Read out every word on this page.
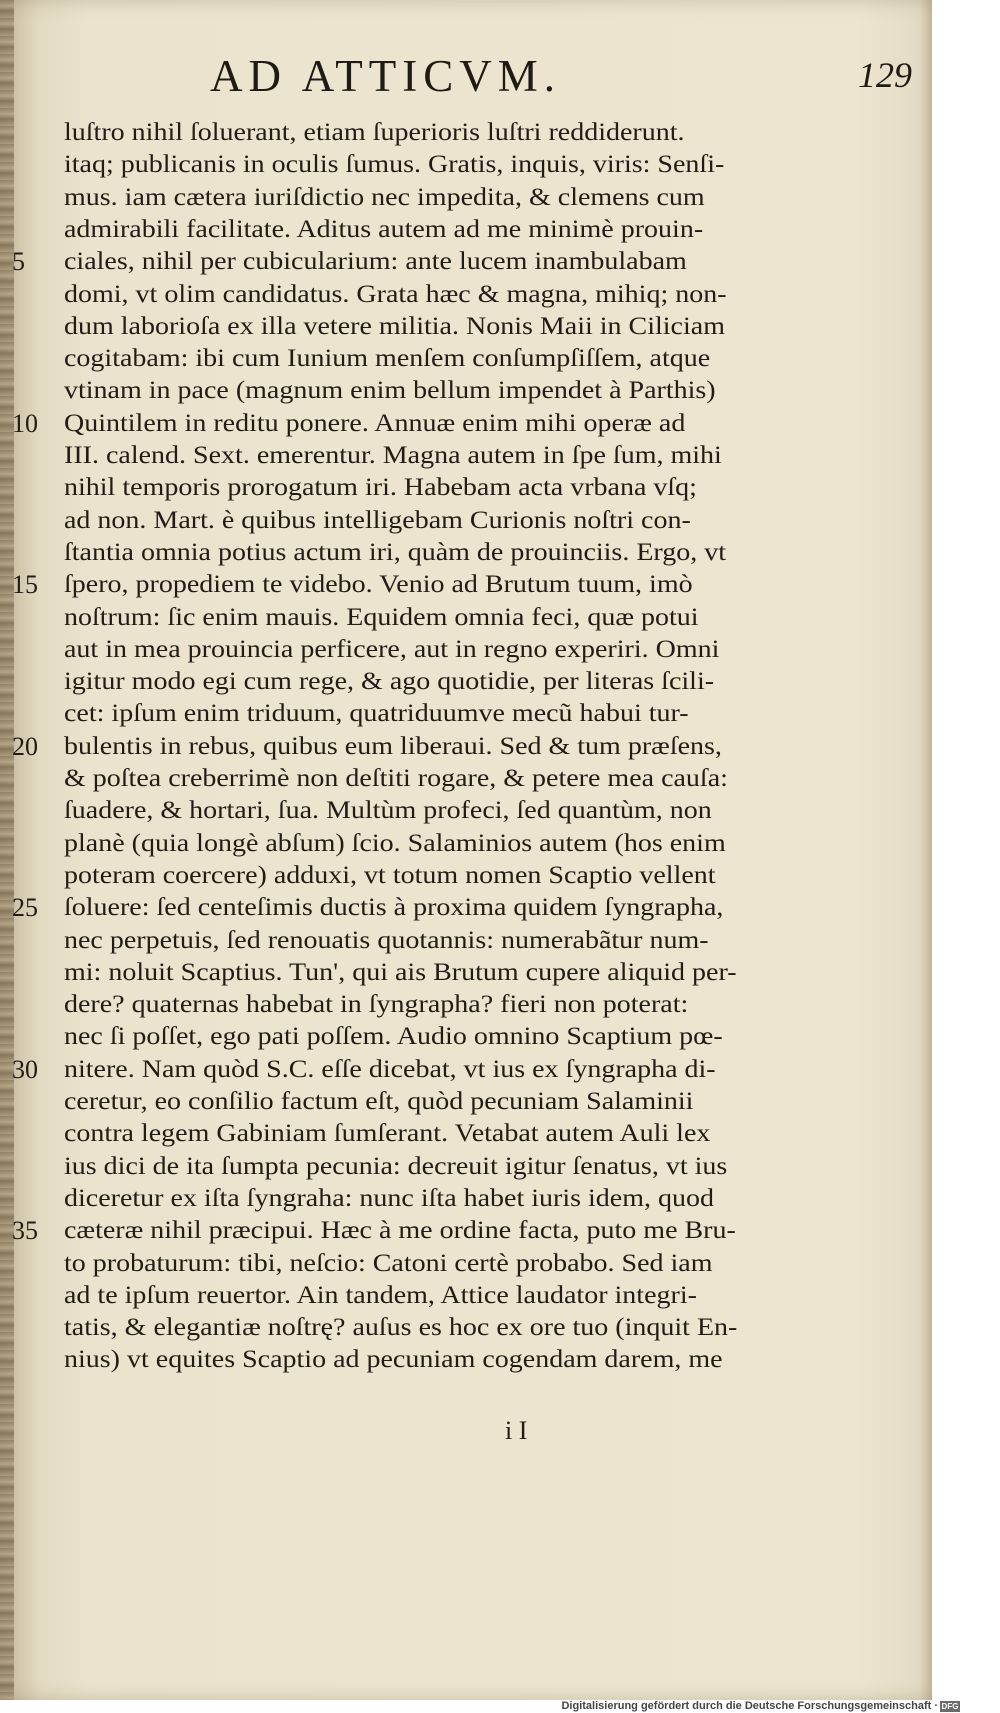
AD ATTICVM.	129
luſtro nihil ſoluerant, etiam ſuperioris luſtri reddiderunt.
itaq; publicanis in oculis ſumus. Gratis, inquis, viris: Senſi-
mus. iam cætera iuriſdictio nec impedita, & clemens cum
admirabili facilitate. Aditus autem ad me minimè prouin-
ciales, nihil per cubicularium: ante lucem inambulabam
domi, vt olim candidatus. Grata hæc & magna, mihiq; non-
dum laborioſa ex illa vetere militia. Nonis Maii in Ciliciam
cogitabam: ibi cum Iunium menſem conſumpſiſſem, atque
vtinam in pace (magnum enim bellum impendet à Parthis)
Quintilem in reditu ponere. Annuæ enim mihi operæ ad
III. calend. Sext. emerentur. Magna autem in ſpe ſum, mihi
nihil temporis prorogatum iri. Habebam acta vrbana vſq;
ad non. Mart. è quibus intelligebam Curionis noſtri con-
ſtantia omnia potius actum iri, quàm de prouinciis. Ergo, vt
ſpero, propediem te videbo. Venio ad Brutum tuum, imò
noſtrum: ſic enim mauis. Equidem omnia feci, quæ potui
aut in mea prouincia perficere, aut in regno experiri. Omni
igitur modo egi cum rege, & ago quotidie, per literas ſcili-
cet: ipſum enim triduum, quatriduumve mecũ habui tur-
bulentis in rebus, quibus eum liberaui. Sed & tum præſens,
& poſtea creberrimè non deſtiti rogare, & petere mea cauſa:
ſuadere, & hortari, ſua. Multùm profeci, ſed quantùm, non
planè (quia longè abſum) ſcio. Salaminios autem (hos enim
poteram coercere) adduxi, vt totum nomen Scaptio vellent
ſoluere: ſed centeſimis ductis à proxima quidem ſyngrapha,
nec perpetuis, ſed renouatis quotannis: numerabãtur num-
mi: noluit Scaptius. Tun', qui ais Brutum cupere aliquid per-
dere? quaternas habebat in ſyngrapha? fieri non poterat:
nec ſi poſſet, ego pati poſſem. Audio omnino Scaptium pœ-
nitere. Nam quòd S.C. eſſe dicebat, vt ius ex ſyngrapha di-
ceretur, eo conſilio factum eſt, quòd pecuniam Salaminii
contra legem Gabiniam ſumſerant. Vetabat autem Auli lex
ius dici de ita ſumpta pecunia: decreuit igitur ſenatus, vt ius
diceretur ex iſta ſyngraha: nunc iſta habet iuris idem, quod
cæteræ nihil præcipui. Hæc à me ordine facta, puto me Bru-
to probaturum: tibi, neſcio: Catoni certè probabo. Sed iam
ad te ipſum reuertor. Ain tandem, Attice laudator integri-
tatis, & elegantiæ noſtrę? auſus es hoc ex ore tuo (inquit En-
nius) vt equites Scaptio ad pecuniam cogendam darem, me
5
10
15
20
25
30
35
i I
Digitalisierung gefördert durch die Deutsche Forschungsgemeinschaft · DFG
